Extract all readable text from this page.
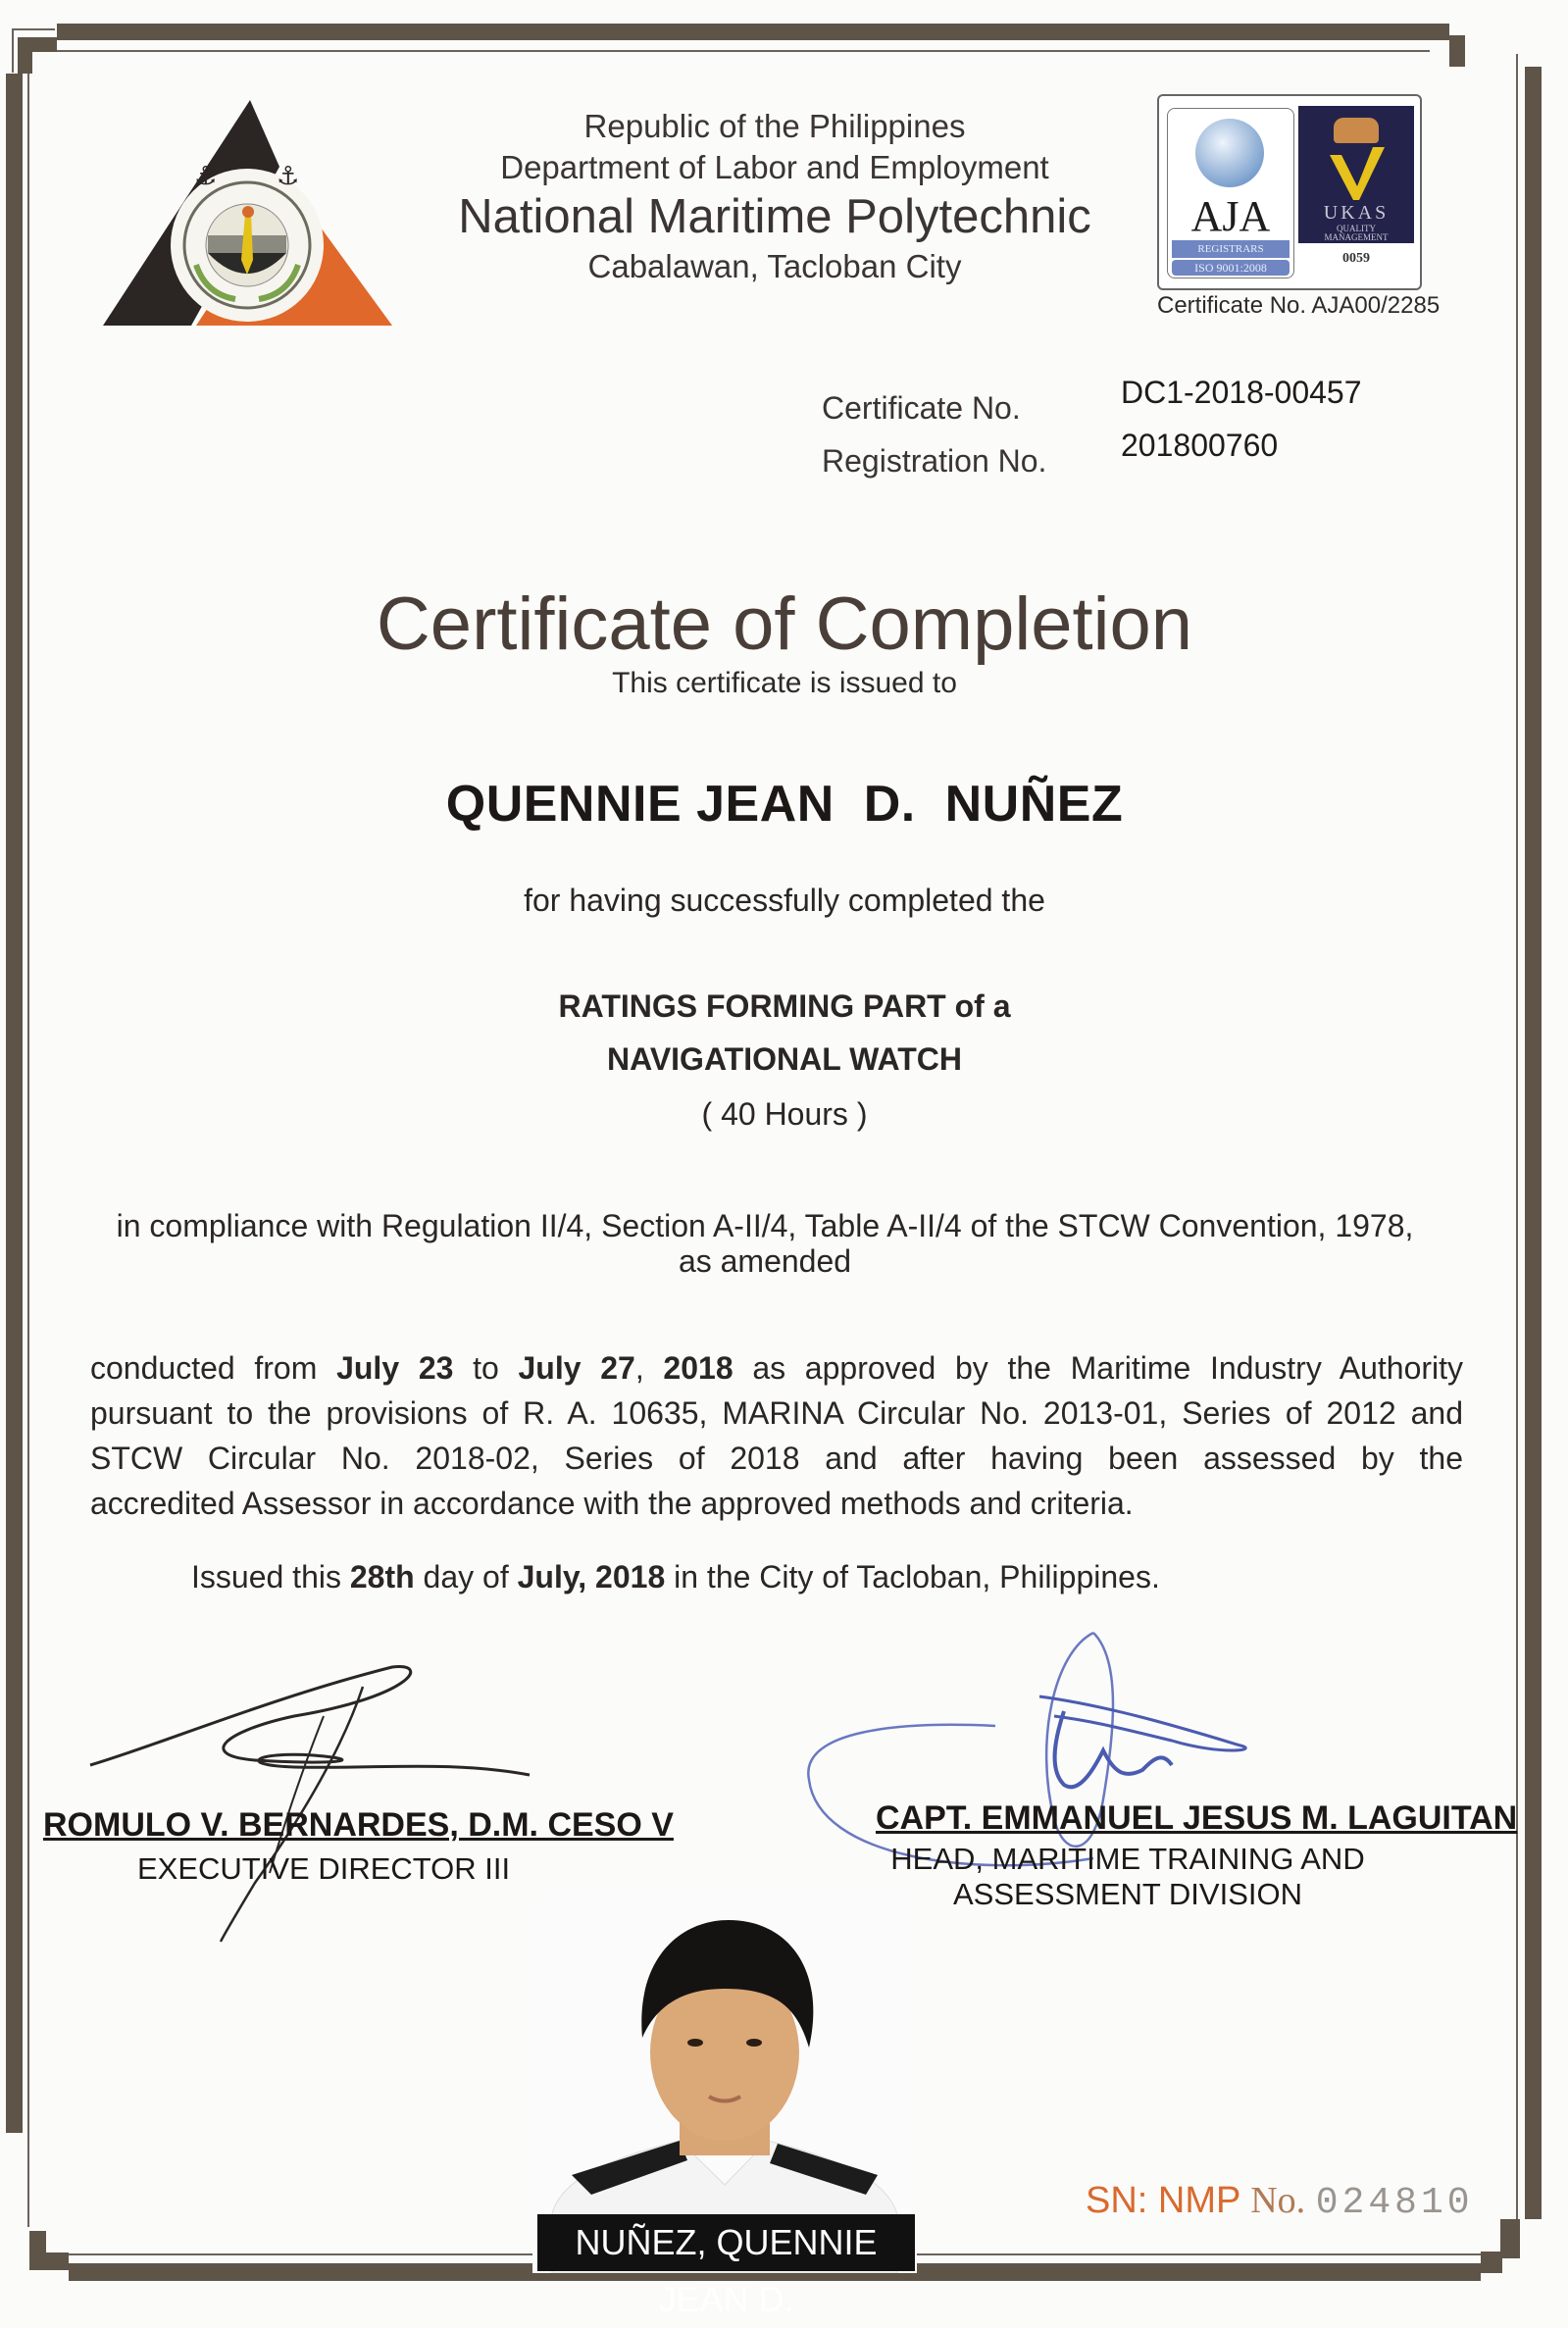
⚓ ⚓
Republic of the Philippines
Department of Labor and Employment
National Maritime Polytechnic
Cabalawan, Tacloban City
AJA
REGISTRARS
ISO 9001:2008
UKAS
QUALITY
MANAGEMENT
0059
Certificate No. AJA00/2285
Certificate No.	DC1-2018-00457
Registration No. 201800760
Certificate of Completion
This certificate is issued to
QUENNIE JEAN  D.  NUÑEZ
for having successfully completed the
RATINGS FORMING PART of a
NAVIGATIONAL WATCH
( 40 Hours )
in compliance with Regulation II/4, Section A-II/4, Table A-II/4 of the STCW Convention, 1978,
as amended
conducted from July 23 to July 27, 2018 as approved by the Maritime Industry Authority
pursuant to the provisions of R. A. 10635, MARINA Circular No. 2013-01, Series of 2012 and
STCW Circular No. 2018-02, Series of 2018 and after having been assessed by the
accredited Assessor in accordance with the approved methods and criteria.
Issued this 28th day of July, 2018 in the City of Tacloban, Philippines.
ROMULO V. BERNARDES, D.M. CESO V
EXECUTIVE DIRECTOR III
CAPT. EMMANUEL JESUS M. LAGUITAN
HEAD, MARITIME TRAINING AND
ASSESSMENT DIVISION
NUÑEZ, QUENNIE JEAN D.
SN: NMP No. 024810
